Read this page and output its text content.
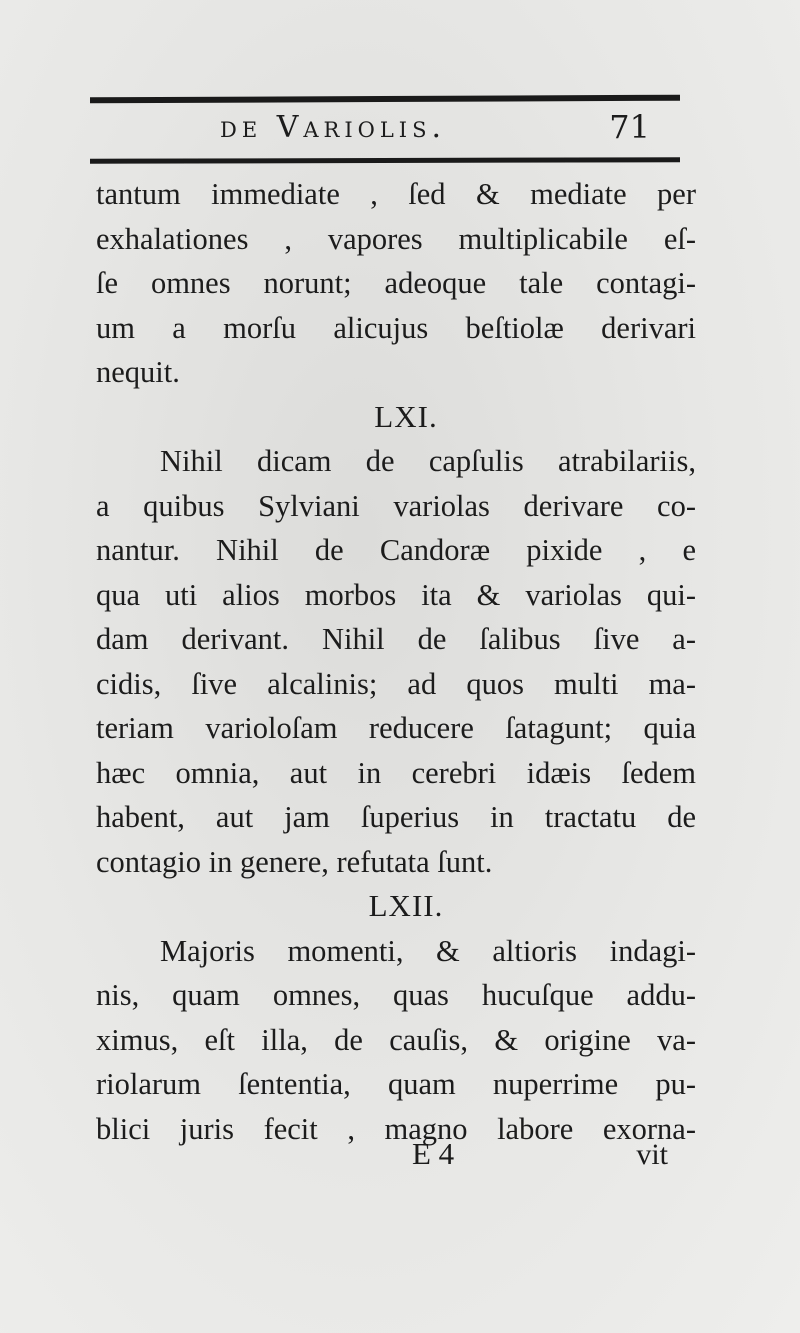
de Variolis.	71
tantum immediate , ſed & mediate per
exhalationes , vapores multiplicabile eſ-
ſe omnes norunt; adeoque tale contagi-
um a morſu alicujus beſtiolæ derivari
nequit.
LXI.
Nihil dicam de capſulis atrabilariis,
a quibus Sylviani variolas derivare co-
nantur. Nihil de Candoræ pixide , e
qua uti alios morbos ita & variolas qui-
dam derivant. Nihil de ſalibus ſive a-
cidis, ſive alcalinis; ad quos multi ma-
teriam varioloſam reducere ſatagunt; quia
hæc omnia, aut in cerebri idæis ſedem
habent, aut jam ſuperius in tractatu de
contagio in genere, refutata ſunt.
LXII.
Majoris momenti, & altioris indagi-
nis, quam omnes, quas hucuſque addu-
ximus, eſt illa, de cauſis, & origine va-
riolarum ſententia, quam nuperrime pu-
blici juris fecit , magno labore exorna-
E 4	vit
